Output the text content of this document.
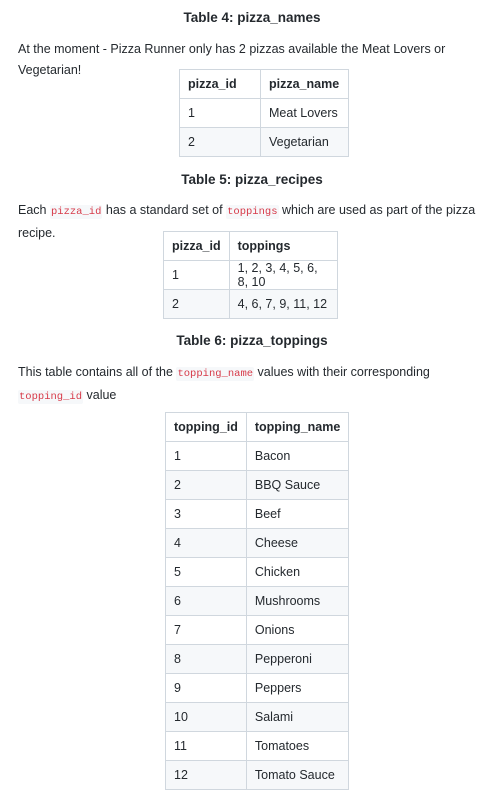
Table 4: pizza_names

At the moment - Pizza Runner only has 2 pizzas available the Meat Lovers or Vegetarian!

pizza_id	pizza_name
1	Meat Lovers
2	Vegetarian
Table 5: pizza_recipes

Each pizza_id has a standard set of toppings which are used as part of the pizza recipe.

pizza_id	toppings
1	1, 2, 3, 4, 5, 6, 8, 10
2	4, 6, 7, 9, 11, 12
Table 6: pizza_toppings

This table contains all of the topping_name values with their corresponding topping_id value

topping_id	topping_name
1	Bacon
2	BBQ Sauce
3	Beef
4	Cheese
5	Chicken
6	Mushrooms
7	Onions
8	Pepperoni
9	Peppers
10	Salami
11	Tomatoes
12	Tomato Sauce
